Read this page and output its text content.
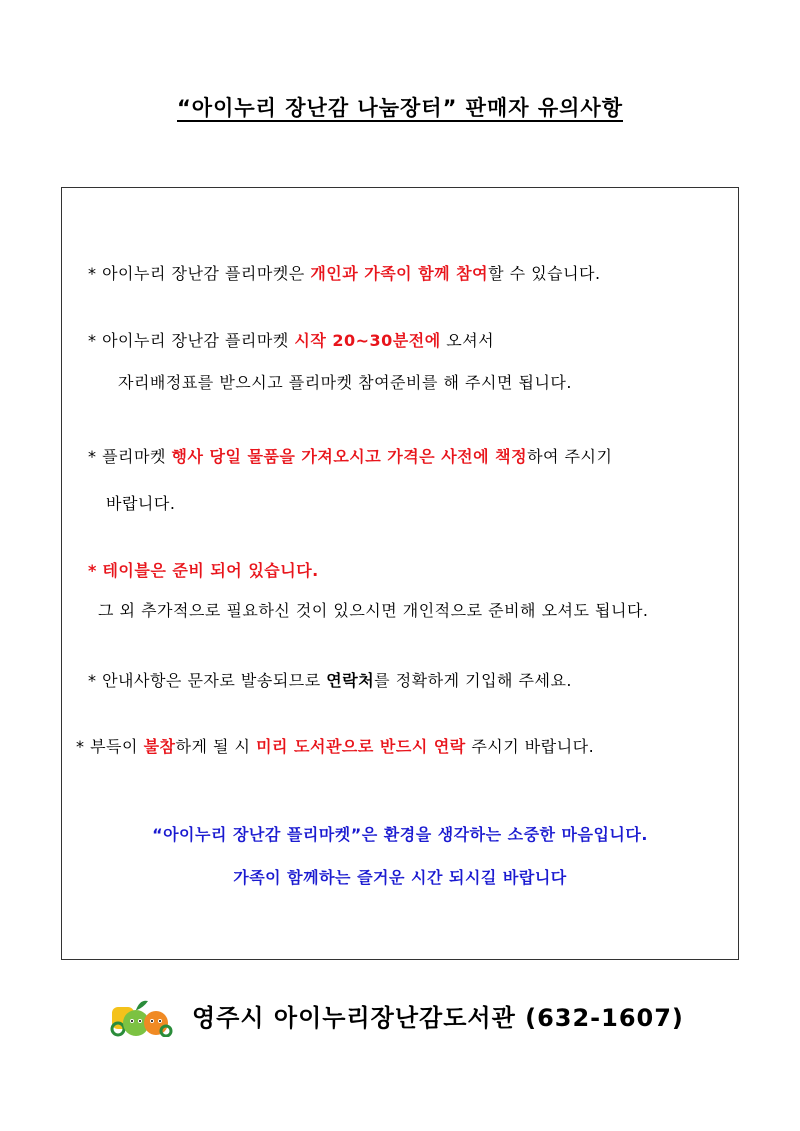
“아이누리 장난감 나눔장터” 판매자 유의사항
* 아이누리 장난감 플리마켓은 개인과 가족이 함께 참여할 수 있습니다.
* 아이누리 장난감 플리마켓 시작 20~30분전에 오셔서
자리배정표를 받으시고 플리마켓 참여준비를 해 주시면 됩니다.
* 플리마켓 행사 당일 물품을 가져오시고 가격은 사전에 책정하여 주시기
바랍니다.
* 테이블은 준비 되어 있습니다.
그 외 추가적으로 필요하신 것이 있으시면 개인적으로 준비해 오셔도 됩니다.
* 안내사항은 문자로 발송되므로 연락처를 정확하게 기입해 주세요.
* 부득이 불참하게 될 시 미리 도서관으로 반드시 연락 주시기 바랍니다.
“아이누리 장난감 플리마켓”은 환경을 생각하는 소중한 마음입니다.
가족이 함께하는 즐거운 시간 되시길 바랍니다
영주시 아이누리장난감도서관 (632-1607)
